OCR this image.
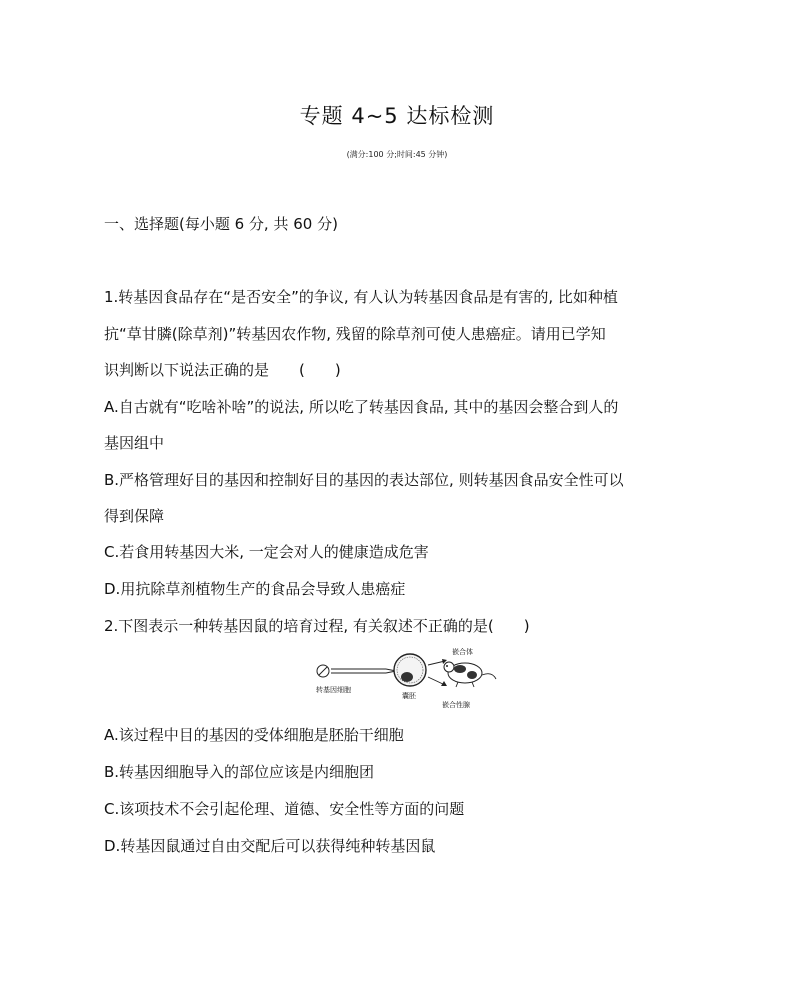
专题 4~5 达标检测
(满分:100 分;时间:45 分钟)
一、选择题(每小题 6 分, 共 60 分)
1.转基因食品存在“是否安全”的争议, 有人认为转基因食品是有害的, 比如种植
抗“草甘膦(除草剂)”转基因农作物, 残留的除草剂可使人患癌症。请用已学知
识判断以下说法正确的是　　(　　)
A.自古就有“吃啥补啥”的说法, 所以吃了转基因食品, 其中的基因会整合到人的
基因组中
B.严格管理好目的基因和控制好目的基因的表达部位, 则转基因食品安全性可以
得到保障
C.若食用转基因大米, 一定会对人的健康造成危害
D.用抗除草剂植物生产的食品会导致人患癌症
2.下图表示一种转基因鼠的培育过程, 有关叙述不正确的是(　　)
转基因细胞
囊胚
嵌合体
嵌合性腺
A.该过程中目的基因的受体细胞是胚胎干细胞
B.转基因细胞导入的部位应该是内细胞团
C.该项技术不会引起伦理、道德、安全性等方面的问题
D.转基因鼠通过自由交配后可以获得纯种转基因鼠
